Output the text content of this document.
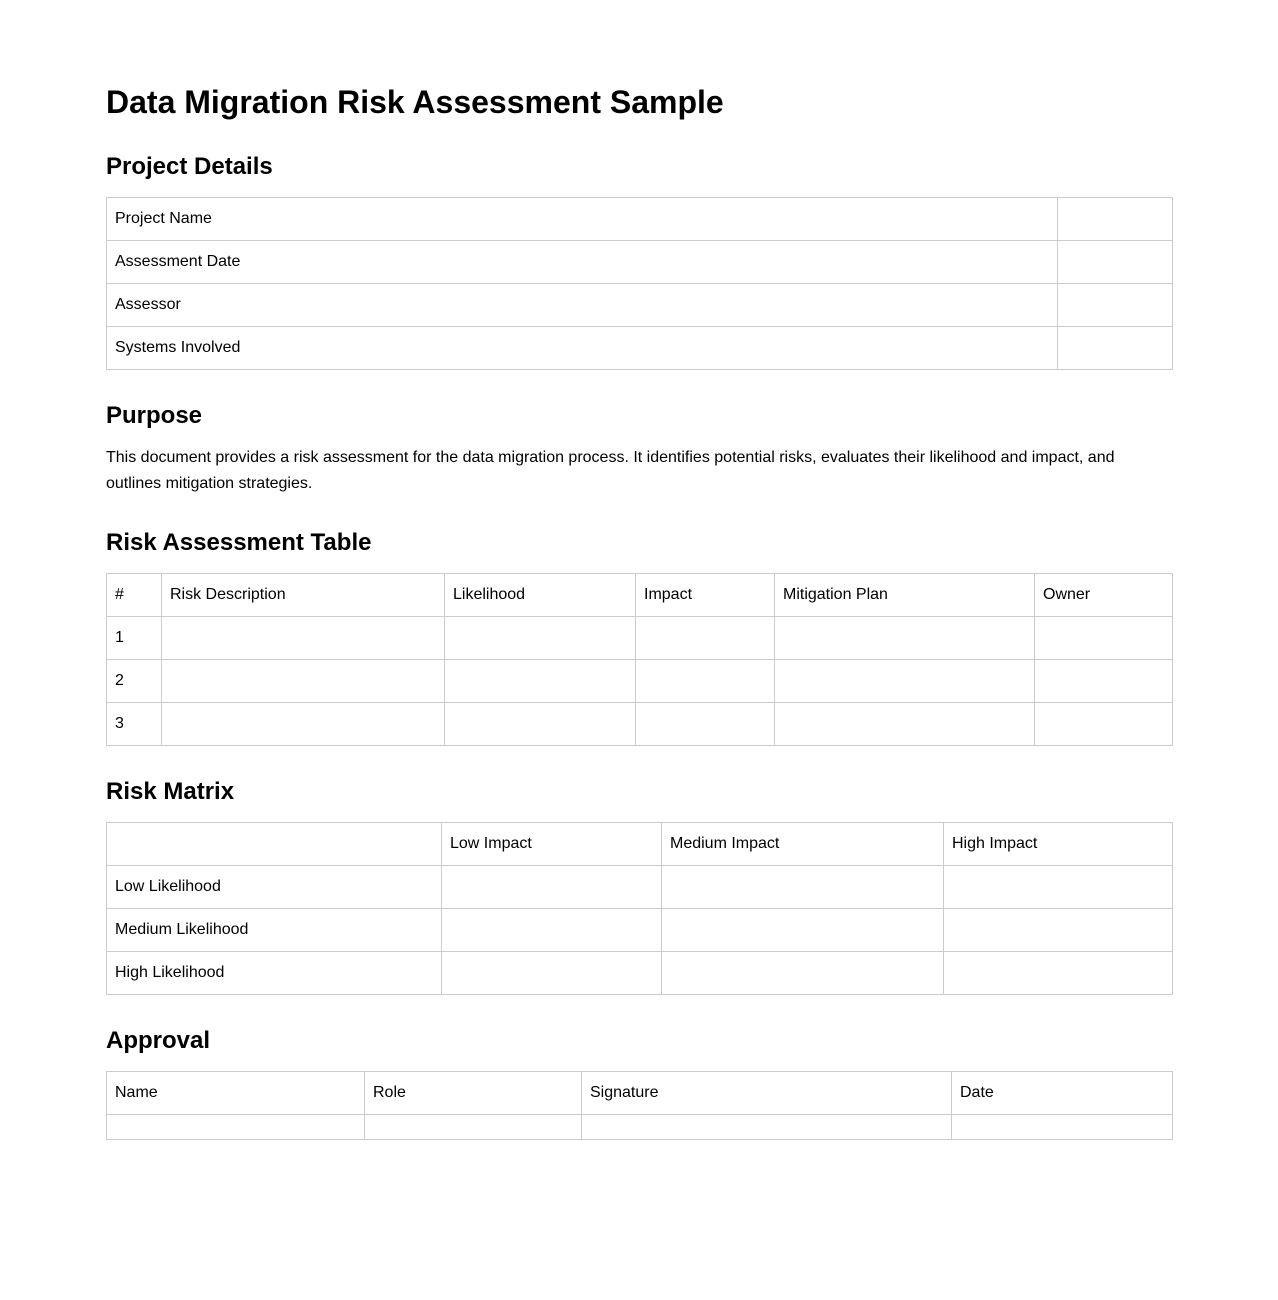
Data Migration Risk Assessment Sample
Project Details
Project Name	
Assessment Date	
Assessor	
Systems Involved	
Purpose

This document provides a risk assessment for the data migration process. It identifies potential risks, evaluates their likelihood and impact, and outlines mitigation strategies.

Risk Assessment Table
#	Risk Description	Likelihood	Impact	Mitigation Plan	Owner
1					
2					
3					
Risk Matrix
	Low Impact	Medium Impact	High Impact
Low Likelihood			
Medium Likelihood			
High Likelihood			
Approval
Name	Role	Signature	Date
